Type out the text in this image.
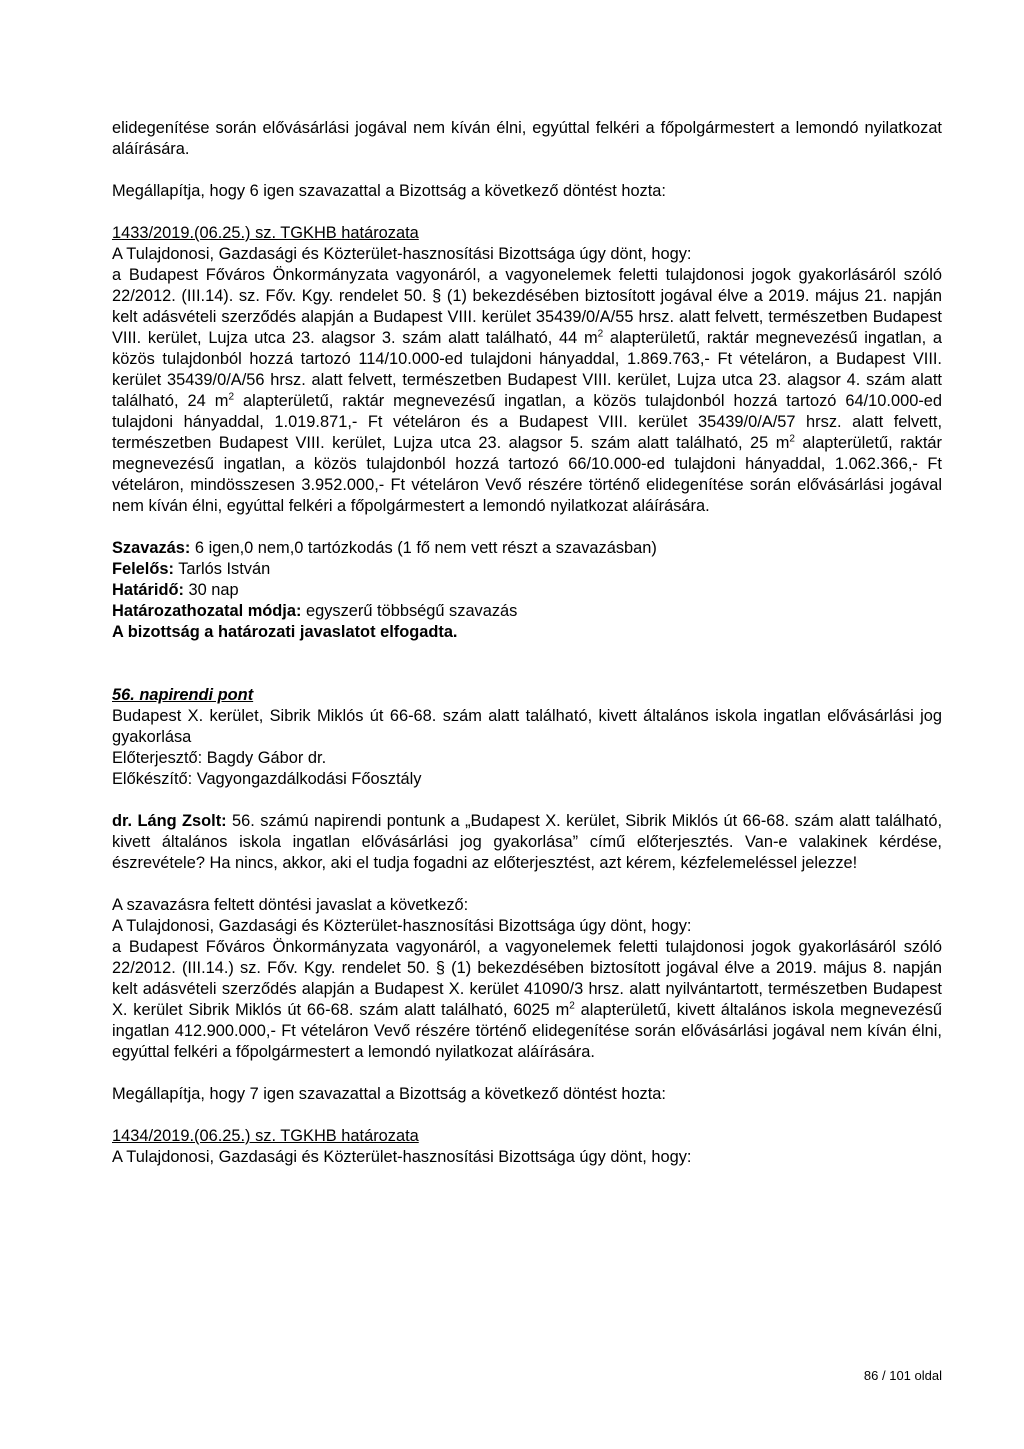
elidegenítése során elővásárlási jogával nem kíván élni, egyúttal felkéri a főpolgármestert a lemondó nyilatkozat aláírására.

Megállapítja, hogy 6 igen szavazattal a Bizottság a következő döntést hozta:

1433/2019.(06.25.) sz. TGKHB határozata

A Tulajdonosi, Gazdasági és Közterület-hasznosítási Bizottsága úgy dönt, hogy:

a Budapest Főváros Önkormányzata vagyonáról, a vagyonelemek feletti tulajdonosi jogok gyakorlásáról szóló 22/2012. (III.14). sz. Főv. Kgy. rendelet 50. § (1) bekezdésében biztosított jogával élve a 2019. május 21. napján kelt adásvételi szerződés alapján a Budapest VIII. kerület 35439/0/A/55 hrsz. alatt felvett, természetben Budapest VIII. kerület, Lujza utca 23. alagsor 3. szám alatt található, 44 $m^2$ alapterületű, raktár megnevezésű ingatlan, a közös tulajdonból hozzá tartozó 114/10.000-ed tulajdoni hányaddal, 1.869.763,- Ft vételáron, a Budapest VIII. kerület 35439/0/A/56 hrsz. alatt felvett, természetben Budapest VIII. kerület, Lujza utca 23. alagsor 4. szám alatt található, 24 $m^2$ alapterületű, raktár megnevezésű ingatlan, a közös tulajdonból hozzá tartozó 64/10.000-ed tulajdoni hányaddal, 1.019.871,- Ft vételáron és a Budapest VIII. kerület 35439/0/A/57 hrsz. alatt felvett, természetben Budapest VIII. kerület, Lujza utca 23. alagsor 5. szám alatt található, 25 $m^2$ alapterületű, raktár megnevezésű ingatlan, a közös tulajdonból hozzá tartozó 66/10.000-ed tulajdoni hányaddal, 1.062.366,- Ft vételáron, mindösszesen 3.952.000,- Ft vételáron Vevő részére történő elidegenítése során elővásárlási jogával nem kíván élni, egyúttal felkéri a főpolgármestert a lemondó nyilatkozat aláírására.

Szavazás: 6 igen,0 nem,0 tartózkodás (1 fő nem vett részt a szavazásban)

Felelős: Tarlós István

Határidő: 30 nap

Határozathozatal módja: egyszerű többségű szavazás

A bizottság a határozati javaslatot elfogadta.

56. napirendi pont

Budapest X. kerület, Sibrik Miklós út 66-68. szám alatt található, kivett általános iskola ingatlan elővásárlási jog gyakorlása

Előterjesztő: Bagdy Gábor dr.

Előkészítő: Vagyongazdálkodási Főosztály

dr. Láng Zsolt: 56. számú napirendi pontunk a „Budapest X. kerület, Sibrik Miklós út 66-68. szám alatt található, kivett általános iskola ingatlan elővásárlási jog gyakorlása” című előterjesztés. Van-e valakinek kérdése, észrevétele? Ha nincs, akkor, aki el tudja fogadni az előterjesztést, azt kérem, kézfelemeléssel jelezze!

A szavazásra feltett döntési javaslat a következő:

A Tulajdonosi, Gazdasági és Közterület-hasznosítási Bizottsága úgy dönt, hogy:

a Budapest Főváros Önkormányzata vagyonáról, a vagyonelemek feletti tulajdonosi jogok gyakorlásáról szóló 22/2012. (III.14.) sz. Főv. Kgy. rendelet 50. § (1) bekezdésében biztosított jogával élve a 2019. május 8. napján kelt adásvételi szerződés alapján a Budapest X. kerület 41090/3 hrsz. alatt nyilvántartott, természetben Budapest X. kerület Sibrik Miklós út 66-68. szám alatt található, 6025 $m^2$ alapterületű, kivett általános iskola megnevezésű ingatlan 412.900.000,- Ft vételáron Vevő részére történő elidegenítése során elővásárlási jogával nem kíván élni, egyúttal felkéri a főpolgármestert a lemondó nyilatkozat aláírására.

Megállapítja, hogy 7 igen szavazattal a Bizottság a következő döntést hozta:

1434/2019.(06.25.) sz. TGKHB határozata

A Tulajdonosi, Gazdasági és Közterület-hasznosítási Bizottsága úgy dönt, hogy:

86 / 101 oldal
